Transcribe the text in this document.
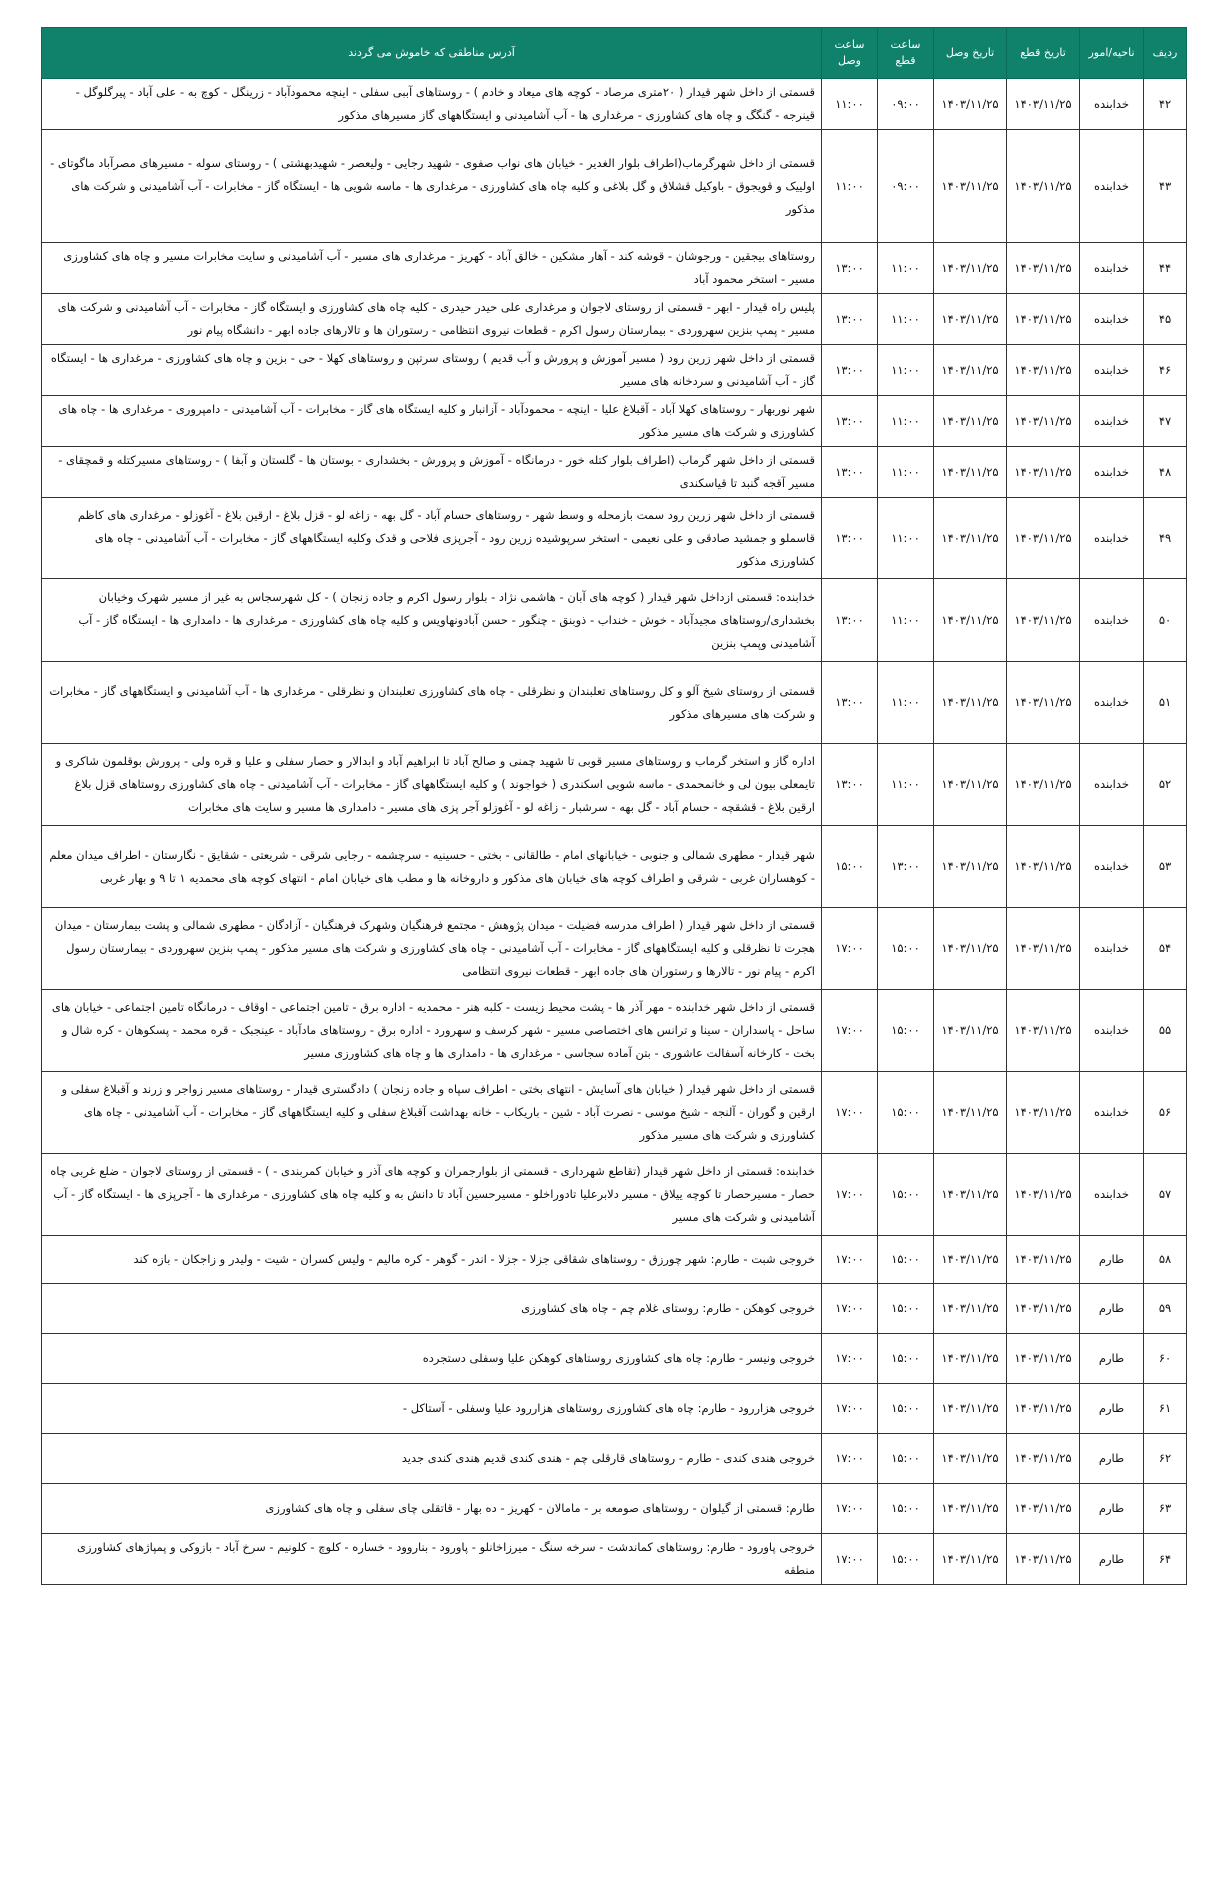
ردیف	ناحیه/امور	تاریخ قطع	تاریخ وصل	ساعت قطع	ساعت وصل	آدرس مناطقی که خاموش می گردند
۴۲	خدابنده	۱۴۰۳/۱۱/۲۵	۱۴۰۳/۱۱/۲۵	۰۹:۰۰	۱۱:۰۰	قسمتی از داخل شهر قیدار ( ۲۰متری مرصاد - کوچه های میعاد و خادم ) - روستاهای آببی سفلی - اینچه محمودآباد - زرینگل - کوچ به - علی آباد - پیرگلوگل - قینرجه - گنگگ و چاه های کشاورزی - مرغداری ها - آب آشامیدنی و ایستگاههای گاز مسیرهای مذکور
۴۳	خدابنده	۱۴۰۳/۱۱/۲۵	۱۴۰۳/۱۱/۲۵	۰۹:۰۰	۱۱:۰۰	قسمتی از داخل شهرگرماب(اطراف بلوار الغدیر - خیابان های نواب صفوی - شهید رجایی - ولیعصر - شهیدبهشتی ) - روستای سوله - مسیرهای مصرآباد ماگوتای - اولییک و قویجوق - باوکیل قشلاق و گل بلاغی و کلیه چاه های کشاورزی - مرغداری ها - ماسه شویی ها - ایستگاه گاز - مخابرات - آب آشامیدنی و شرکت های مذکور
۴۴	خدابنده	۱۴۰۳/۱۱/۲۵	۱۴۰۳/۱۱/۲۵	۱۱:۰۰	۱۳:۰۰	روستاهای بیجقین - ورجوشان - قوشه کند - آهار مشکین - خالق آباد - کهریز - مرغداری های مسیر - آب آشامیدنی و سایت مخابرات مسیر و چاه های کشاورزی مسیر - استخر محمود آباد
۴۵	خدابنده	۱۴۰۳/۱۱/۲۵	۱۴۰۳/۱۱/۲۵	۱۱:۰۰	۱۳:۰۰	پلیس راه قیدار - ابهر - قسمتی از روستای لاجوان و مرغداری علی حیدر حیدری - کلیه چاه های کشاورزی و ایستگاه گاز - مخابرات - آب آشامیدنی و شرکت های مسیر - پمپ بنزین سهروردی - بیمارستان رسول اکرم - قطعات نیروی انتظامی - رستوران ها و تالارهای جاده ابهر - دانشگاه پیام نور
۴۶	خدابنده	۱۴۰۳/۱۱/۲۵	۱۴۰۳/۱۱/۲۵	۱۱:۰۰	۱۳:۰۰	قسمتی از داخل شهر زرین رود ( مسیر آموزش و پرورش و آب قدیم ) روستای سرتپن و روستاهای کهلا - حی - بزین و چاه های کشاورزی - مرغداری ها - ایستگاه گاز - آب آشامیدنی و سردخانه های مسیر
۴۷	خدابنده	۱۴۰۳/۱۱/۲۵	۱۴۰۳/۱۱/۲۵	۱۱:۰۰	۱۳:۰۰	شهر نوربهار - روستاهای کهلا آباد - آقبلاغ علیا - اینچه - محمودآباد - آزانبار و کلیه ایستگاه های گاز - مخابرات - آب آشامیدنی - دامپروری - مرغداری ها - چاه های کشاورزی و شرکت های مسیر مذکور
۴۸	خدابنده	۱۴۰۳/۱۱/۲۵	۱۴۰۳/۱۱/۲۵	۱۱:۰۰	۱۳:۰۰	قسمتی از داخل شهر گرماب (اطراف بلوار کتله خور - درمانگاه - آموزش و پرورش - بخشداری - بوستان ها - گلستان و آبفا ) - روستاهای مسیرکتله و قمچقای - مسیر آقجه گنبد تا قیاسکندی
۴۹	خدابنده	۱۴۰۳/۱۱/۲۵	۱۴۰۳/۱۱/۲۵	۱۱:۰۰	۱۳:۰۰	قسمتی از داخل شهر زرین رود سمت بازمحله و وسط شهر - روستاهای حسام آباد - گل بهه - زاغه لو - قزل بلاغ - ارقین بلاغ - آغوزلو - مرغداری های کاظم قاسملو و جمشید صادقی و علی نعیمی - استخر سرپوشیده زرین رود - آجرپزی فلاحی و قدک وکلیه ایستگاههای گاز - مخابرات - آب آشامیدنی - چاه های کشاورزی مذکور
۵۰	خدابنده	۱۴۰۳/۱۱/۲۵	۱۴۰۳/۱۱/۲۵	۱۱:۰۰	۱۳:۰۰	خدابنده: قسمتی ازداخل شهر قیدار ( کوچه های آبان - هاشمی نژاد - بلوار رسول اکرم و جاده زنجان ) - کل شهرسجاس به غیر از مسیر شهرک وخیابان بخشداری/روستاهای مجیدآباد - خوش - خنداب - ذوبنق - چنگور - حسن آبادونهاویس و کلیه چاه های کشاورزی - مرغداری ها - دامداری ها - ایستگاه گاز - آب آشامیدنی وپمپ بنزین
۵۱	خدابنده	۱۴۰۳/۱۱/۲۵	۱۴۰۳/۱۱/۲۵	۱۱:۰۰	۱۳:۰۰	قسمتی از روستای شیخ آلو و کل روستاهای تعلبندان و نظرقلی - چاه های کشاورزی تعلبندان و نظرقلی - مرغداری ها - آب آشامیدنی و ایستگاههای گاز - مخابرات و شرکت های مسیرهای مذکور
۵۲	خدابنده	۱۴۰۳/۱۱/۲۵	۱۴۰۳/۱۱/۲۵	۱۱:۰۰	۱۳:۰۰	اداره گاز و استخر گرماب و روستاهای مسیر قوبی تا شهید چمنی و صالح آباد تا ابراهیم آباد و ابدالار و حصار سفلی و علیا و قره ولی - پرورش بوقلمون شاکری و تایمعلی بیون لی و خانمحمدی - ماسه شویی اسکندری ( خواجوند ) و کلیه ایستگاههای گاز - مخابرات - آب آشامیدنی - چاه های کشاورزی روستاهای قزل بلاغ ارقین بلاغ - قشقچه - حسام آباد - گل بهه - سرشبار - زاغه لو - آغوزلو آجر پزی های مسیر - دامداری ها مسیر و سایت های مخابرات
۵۳	خدابنده	۱۴۰۳/۱۱/۲۵	۱۴۰۳/۱۱/۲۵	۱۳:۰۰	۱۵:۰۰	شهر قیدار - مطهری شمالی و جنوبی - خیابانهای امام - طالقانی - بختی - حسینیه - سرچشمه - رجایی شرقی - شریعتی - شقایق - نگارستان - اطراف میدان معلم - کوهساران غربی - شرقی و اطراف کوچه های خیابان های مذکور و داروخانه ها و مطب های خیابان امام - انتهای کوچه های محمدیه ۱ تا ۹ و بهار غربی
۵۴	خدابنده	۱۴۰۳/۱۱/۲۵	۱۴۰۳/۱۱/۲۵	۱۵:۰۰	۱۷:۰۰	قسمتی از داخل شهر قیدار ( اطراف مدرسه فضیلت - میدان پژوهش - مجتمع فرهنگیان وشهرک فرهنگیان - آزادگان - مطهری شمالی و پشت بیمارستان - میدان هجرت تا نظرقلی و کلیه ایستگاههای گاز - مخابرات - آب آشامیدنی - چاه های کشاورزی و شرکت های مسیر مذکور - پمپ بنزین سهروردی - بیمارستان رسول اکرم - پیام نور - تالارها و رستوران های جاده ابهر - قطعات نیروی انتظامی
۵۵	خدابنده	۱۴۰۳/۱۱/۲۵	۱۴۰۳/۱۱/۲۵	۱۵:۰۰	۱۷:۰۰	قسمتی از داخل شهر خدابنده - مهر آذر ها - پشت محیط زیست - کلبه هنر - محمدیه - اداره برق - تامین اجتماعی - اوقاف - درمانگاه تامین اجتماعی - خیابان های ساحل - پاسداران - سینا و ترانس های اختصاصی مسیر - شهر کرسف و سهرورد - اداره برق - روستاهای مادآباد - عینجبک - قره محمد - پسکوهان - کره شال و بخت - کارخانه آسفالت عاشوری - بتن آماده سجاسی - مرغداری ها - دامداری ها و چاه های کشاورزی مسیر
۵۶	خدابنده	۱۴۰۳/۱۱/۲۵	۱۴۰۳/۱۱/۲۵	۱۵:۰۰	۱۷:۰۰	قسمتی از داخل شهر قیدار ( خیابان های آسایش - انتهای بختی - اطراف سپاه و جاده زنجان ) دادگستری قیدار - روستاهای مسیر زواجر و زرند و آقبلاغ سفلی و ارقین و گوران - آلنجه - شیخ موسی - نصرت آباد - شین - باریکاب - خانه بهداشت آقبلاغ سفلی و کلیه ایستگاههای گاز - مخابرات - آب آشامیدنی - چاه های کشاورزی و شرکت های مسیر مذکور
۵۷	خدابنده	۱۴۰۳/۱۱/۲۵	۱۴۰۳/۱۱/۲۵	۱۵:۰۰	۱۷:۰۰	خدابنده: قسمتی از داخل شهر قیدار (تقاطع شهرداری - قسمتی از بلوارجمران و کوچه های آذر و خیابان کمربندی - ) - قسمتی از روستای لاجوان - ضلع غربی چاه حصار - مسیرحصار تا کوچه ییلاق - مسیر دلابرعلیا تادوراخلو - مسیرحسین آباد تا دانش به و کلیه چاه های کشاورزی - مرغداری ها - آجرپزی ها - ایستگاه گاز - آب آشامیدنی و شرکت های مسیر
۵۸	طارم	۱۴۰۳/۱۱/۲۵	۱۴۰۳/۱۱/۲۵	۱۵:۰۰	۱۷:۰۰	خروجی شبت - طارم: شهر چورزق - روستاهای شقاقی جزلا - جزلا - اندر - گوهر - کره مالیم - ولیس کسران - شیت - ولیدر و زاجکان - بازه کند
۵۹	طارم	۱۴۰۳/۱۱/۲۵	۱۴۰۳/۱۱/۲۵	۱۵:۰۰	۱۷:۰۰	خروجی کوهکن - طارم: روستای غلام چم - چاه های کشاورزی
۶۰	طارم	۱۴۰۳/۱۱/۲۵	۱۴۰۳/۱۱/۲۵	۱۵:۰۰	۱۷:۰۰	خروجی ونیسر - طارم: چاه های کشاورزی روستاهای کوهکن علیا وسفلی دستجرده
۶۱	طارم	۱۴۰۳/۱۱/۲۵	۱۴۰۳/۱۱/۲۵	۱۵:۰۰	۱۷:۰۰	خروجی هزاررود - طارم: چاه های کشاورزی روستاهای هزاررود علیا وسفلی - آستاکل -
۶۲	طارم	۱۴۰۳/۱۱/۲۵	۱۴۰۳/۱۱/۲۵	۱۵:۰۰	۱۷:۰۰	خروجی هندی کندی - طارم - روستاهای قارقلی چم - هندی کندی قدیم هندی کندی جدید
۶۳	طارم	۱۴۰۳/۱۱/۲۵	۱۴۰۳/۱۱/۲۵	۱۵:۰۰	۱۷:۰۰	طارم: قسمتی از گیلوان - روستاهای صومعه بر - مامالان - کهریز - ده بهار - قاتقلی چای سفلی و چاه های کشاورزی
۶۴	طارم	۱۴۰۳/۱۱/۲۵	۱۴۰۳/۱۱/۲۵	۱۵:۰۰	۱۷:۰۰	خروجی پاورود - طارم: روستاهای کماندشت - سرخه سنگ - میرزاخانلو - پاورود - بناروود - خساره - کلوچ - کلونیم - سرخ آباد - بازوکی و پمپاژهای کشاورزی منطقه
